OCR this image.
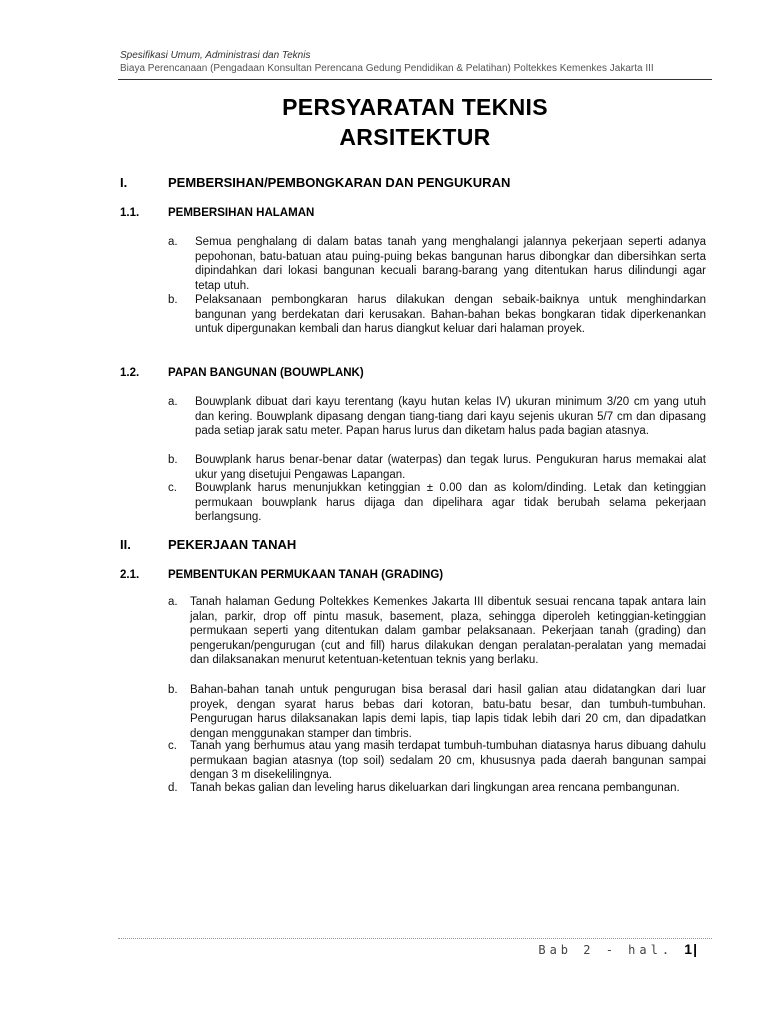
Spesifikasi Umum, Administrasi dan Teknis
Biaya Perencanaan (Pengadaan Konsultan Perencana Gedung Pendidikan & Pelatihan) Poltekkes Kemenkes Jakarta III
PERSYARATAN TEKNIS
ARSITEKTUR
I.	PEMBERSIHAN/PEMBONGKARAN DAN PENGUKURAN
1.1.	PEMBERSIHAN HALAMAN
a. Semua penghalang di dalam batas tanah yang menghalangi jalannya pekerjaan seperti adanya pepohonan, batu-batuan atau puing-puing bekas bangunan harus dibongkar dan dibersihkan serta dipindahkan dari lokasi bangunan kecuali barang-barang yang ditentukan harus dilindungi agar tetap utuh.
b. Pelaksanaan pembongkaran harus dilakukan dengan sebaik-baiknya untuk menghindarkan bangunan yang berdekatan dari kerusakan. Bahan-bahan bekas bongkaran tidak diperkenankan untuk dipergunakan kembali dan harus diangkut keluar dari halaman proyek.
1.2.	PAPAN BANGUNAN (BOUWPLANK)
a. Bouwplank dibuat dari kayu terentang (kayu hutan kelas IV) ukuran minimum 3/20 cm yang utuh dan kering. Bouwplank dipasang dengan tiang-tiang dari kayu sejenis ukuran 5/7 cm dan dipasang pada setiap jarak satu meter. Papan harus lurus dan diketam halus pada bagian atasnya.
b. Bouwplank harus benar-benar datar (waterpas) dan tegak lurus. Pengukuran harus memakai alat ukur yang disetujui Pengawas Lapangan.
c. Bouwplank harus menunjukkan ketinggian ± 0.00 dan as kolom/dinding. Letak dan ketinggian permukaan bouwplank harus dijaga dan dipelihara agar tidak berubah selama pekerjaan berlangsung.
II.	PEKERJAAN TANAH
2.1.	PEMBENTUKAN PERMUKAAN TANAH (GRADING)
a. Tanah halaman Gedung Poltekkes Kemenkes Jakarta III dibentuk sesuai rencana tapak antara lain jalan, parkir, drop off pintu masuk, basement, plaza, sehingga diperoleh ketinggian-ketinggian permukaan seperti yang ditentukan dalam gambar pelaksanaan. Pekerjaan tanah (grading) dan pengerukan/pengurugan (cut and fill) harus dilakukan dengan peralatan-peralatan yang memadai dan dilaksanakan menurut ketentuan-ketentuan teknis yang berlaku.
b. Bahan-bahan tanah untuk pengurugan bisa berasal dari hasil galian atau didatangkan dari luar proyek, dengan syarat harus bebas dari kotoran, batu-batu besar, dan tumbuh-tumbuhan. Pengurugan harus dilaksanakan lapis demi lapis, tiap lapis tidak lebih dari 20 cm, dan dipadatkan dengan menggunakan stamper dan timbris.
c. Tanah yang berhumus atau yang masih terdapat tumbuh-tumbuhan diatasnya harus dibuang dahulu permukaan bagian atasnya (top soil) sedalam 20 cm, khususnya pada daerah bangunan sampai dengan 3 m disekelilingnya.
d. Tanah bekas galian dan leveling harus dikeluarkan dari lingkungan area rencana pembangunan.
Bab 2 - hal. 1|
